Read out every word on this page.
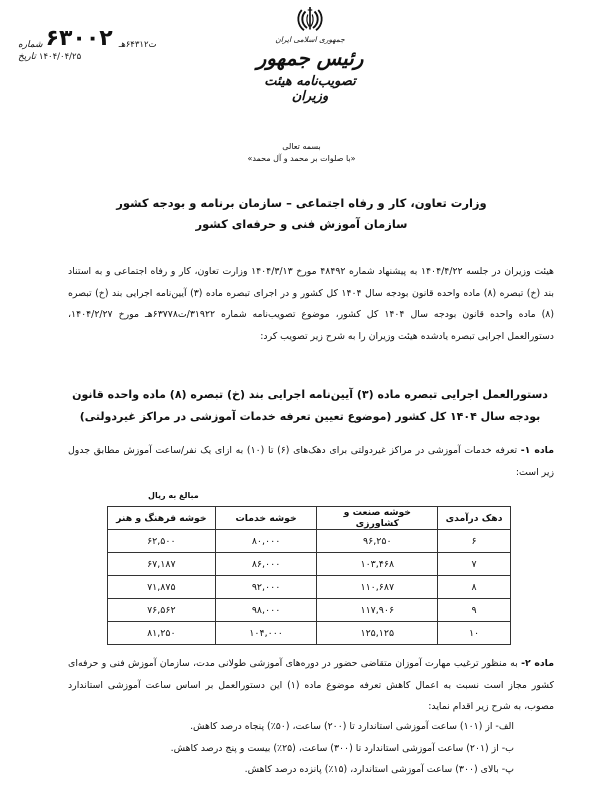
شماره ۶۳۰۰۲ ت۶۴۳۱۲هـ
تاریخ ۱۴۰۴/۰۴/۲۵
جمهوری اسلامی ایران
رئیس جمهور
تصویب‌نامه هیئت وزیران
بسمه تعالی
«با صلوات بر محمد و آل محمد»
وزارت تعاون، کار و رفاه اجتماعی – سازمان برنامه و بودجه کشور
سازمان آموزش فنی و حرفه‌ای کشور
هیئت وزیران در جلسه ۱۴۰۴/۴/۲۲ به پیشنهاد شماره ۴۸۴۹۲ مورخ ۱۴۰۴/۳/۱۳ وزارت تعاون، کار و رفاه اجتماعی و به استناد بند (خ) تبصره (۸) ماده واحده قانون بودجه سال ۱۴۰۴ کل کشور و در اجرای تبصره ماده (۳) آیین‌نامه اجرایی بند (خ) تبصره (۸) ماده واحده قانون بودجه سال ۱۴۰۴ کل کشور، موضوع تصویب‌نامه شماره ۳۱۹۲۲/ت۶۳۷۷۸هـ مورخ ۱۴۰۴/۲/۲۷، دستورالعمل اجرایی تبصره یادشده هیئت وزیران را به شرح زیر تصویب کرد:
دستورالعمل اجرایی تبصره ماده (۳) آیین‌نامه اجرایی بند (خ) تبصره (۸) ماده واحده قانون بودجه سال ۱۴۰۴ کل کشور (موضوع تعیین تعرفه خدمات آموزشی در مراکز غیردولتی)
ماده ۱- تعرفه خدمات آموزشی در مراکز غیردولتی برای دهک‌های (۶) تا (۱۰) به ازای یک نفر/ساعت آموزش مطابق جدول زیر است:
مبالغ به ریال
دهک درآمدی	خوشه صنعت و کشاورزی	خوشه خدمات	خوشه فرهنگ و هنر
۶	۹۶,۲۵۰	۸۰,۰۰۰	۶۲,۵۰۰
۷	۱۰۳,۴۶۸	۸۶,۰۰۰	۶۷,۱۸۷
۸	۱۱۰,۶۸۷	۹۲,۰۰۰	۷۱,۸۷۵
۹	۱۱۷,۹۰۶	۹۸,۰۰۰	۷۶,۵۶۲
۱۰	۱۲۵,۱۲۵	۱۰۴,۰۰۰	۸۱,۲۵۰
ماده ۲- به منظور ترغیب مهارت آموزان متقاضی حضور در دوره‌های آموزشی طولانی مدت، سازمان آموزش فنی و حرفه‌ای کشور مجاز است نسبت به اعمال کاهش تعرفه موضوع ماده (۱) این دستورالعمل بر اساس ساعت آموزشی استاندارد مصوب، به شرح زیر اقدام نماید:
الف- از (۱۰۱) ساعت آموزشی استاندارد تا (۲۰۰) ساعت، (۵۰٪) پنجاه درصد کاهش.
ب- از (۲۰۱) ساعت آموزشی استاندارد تا (۳۰۰) ساعت، (۲۵٪) بیست و پنج درصد کاهش.
پ- بالای (۳۰۰) ساعت آموزشی استاندارد، (۱۵٪) پانزده درصد کاهش.
